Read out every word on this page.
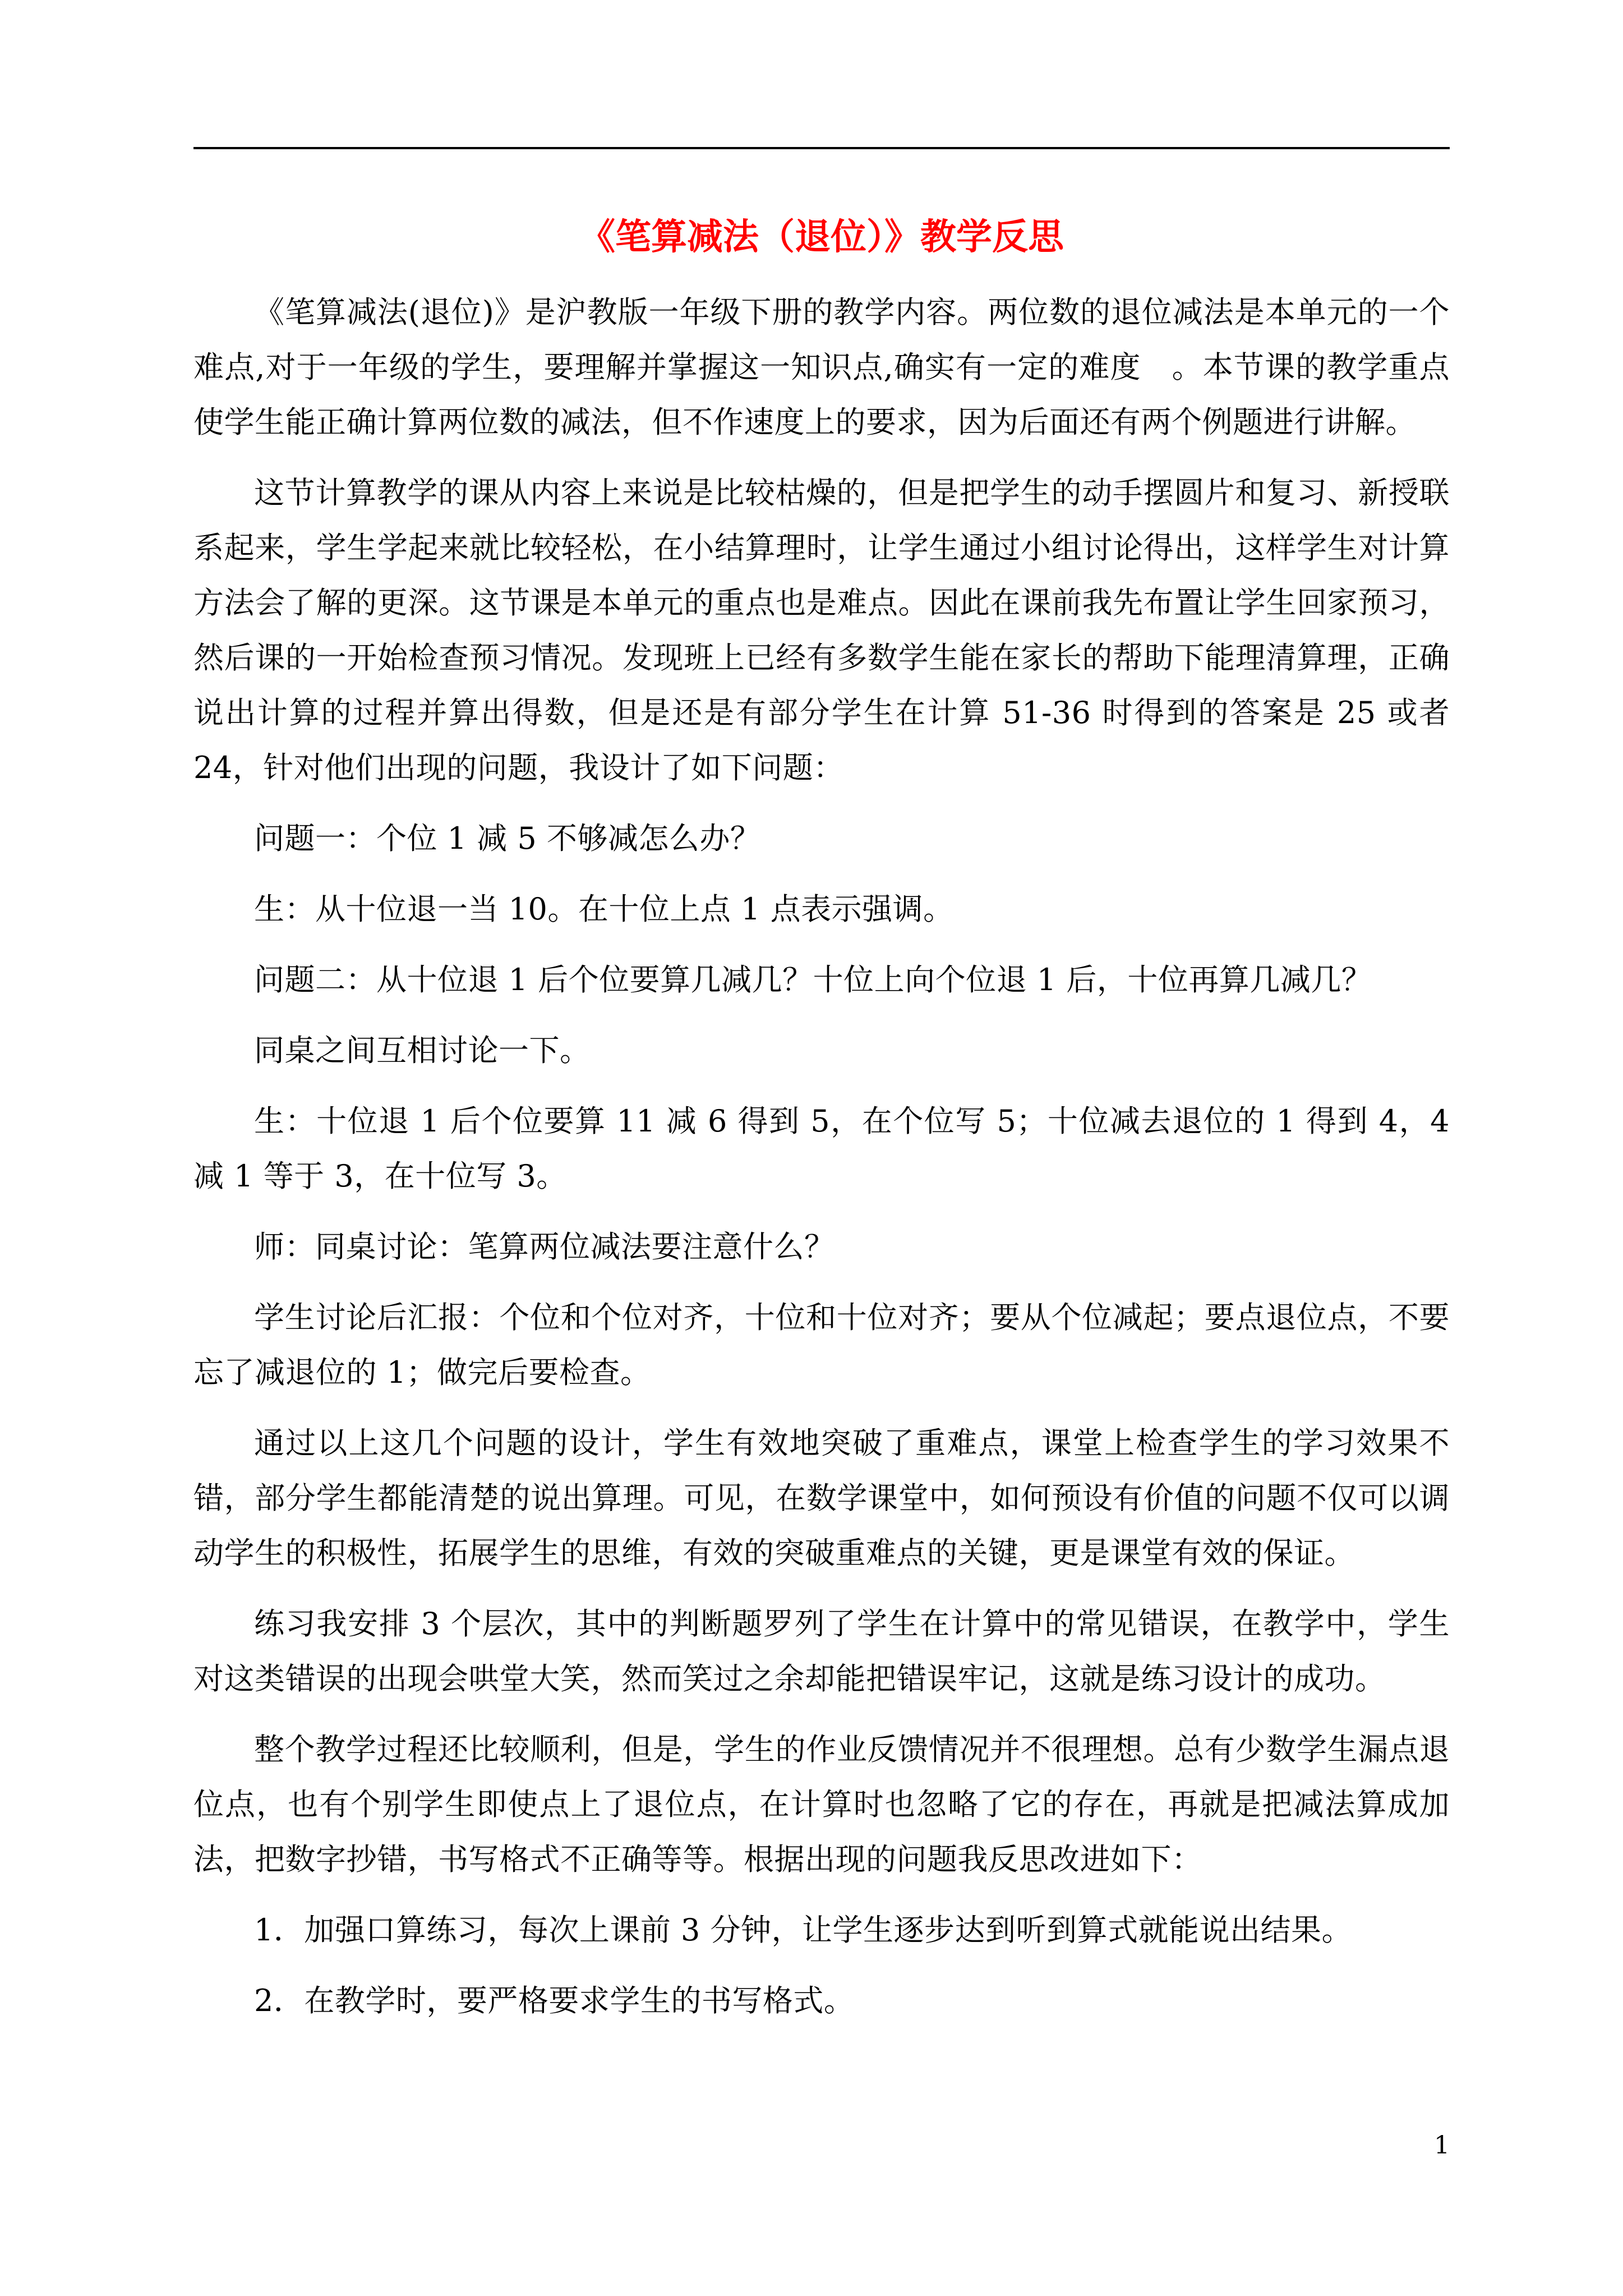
《笔算减法（退位）》教学反思

《笔算减法(退位)》是沪教版一年级下册的教学内容。两位数的退位减法是本单元的一个难点,对于一年级的学生，要理解并掌握这一知识点,确实有一定的难度　。本节课的教学重点使学生能正确计算两位数的减法，但不作速度上的要求，因为后面还有两个例题进行讲解。

这节计算教学的课从内容上来说是比较枯燥的，但是把学生的动手摆圆片和复习、新授联系起来，学生学起来就比较轻松，在小结算理时，让学生通过小组讨论得出，这样学生对计算方法会了解的更深。这节课是本单元的重点也是难点。因此在课前我先布置让学生回家预习，然后课的一开始检查预习情况。发现班上已经有多数学生能在家长的帮助下能理清算理，正确说出计算的过程并算出得数，但是还是有部分学生在计算 51-36 时得到的答案是 25 或者 24，针对他们出现的问题，我设计了如下问题：

问题一：个位 1 减 5 不够减怎么办？

生：从十位退一当 10。在十位上点 1 点表示强调。

问题二：从十位退 1 后个位要算几减几？十位上向个位退 1 后，十位再算几减几？

同桌之间互相讨论一下。

生：十位退 1 后个位要算 11 减 6 得到 5，在个位写 5；十位减去退位的 1 得到 4，4 减 1 等于 3，在十位写 3。

师：同桌讨论：笔算两位减法要注意什么？

学生讨论后汇报：个位和个位对齐，十位和十位对齐；要从个位减起；要点退位点，不要忘了减退位的 1；做完后要检查。

通过以上这几个问题的设计，学生有效地突破了重难点，课堂上检查学生的学习效果不错，部分学生都能清楚的说出算理。可见，在数学课堂中，如何预设有价值的问题不仅可以调动学生的积极性，拓展学生的思维，有效的突破重难点的关键，更是课堂有效的保证。

练习我安排 3 个层次，其中的判断题罗列了学生在计算中的常见错误，在教学中，学生对这类错误的出现会哄堂大笑，然而笑过之余却能把错误牢记，这就是练习设计的成功。

整个教学过程还比较顺利，但是，学生的作业反馈情况并不很理想。总有少数学生漏点退位点，也有个别学生即使点上了退位点，在计算时也忽略了它的存在，再就是把减法算成加法，把数字抄错，书写格式不正确等等。根据出现的问题我反思改进如下：

1．加强口算练习，每次上课前 3 分钟，让学生逐步达到听到算式就能说出结果。

2．在教学时，要严格要求学生的书写格式。

1
